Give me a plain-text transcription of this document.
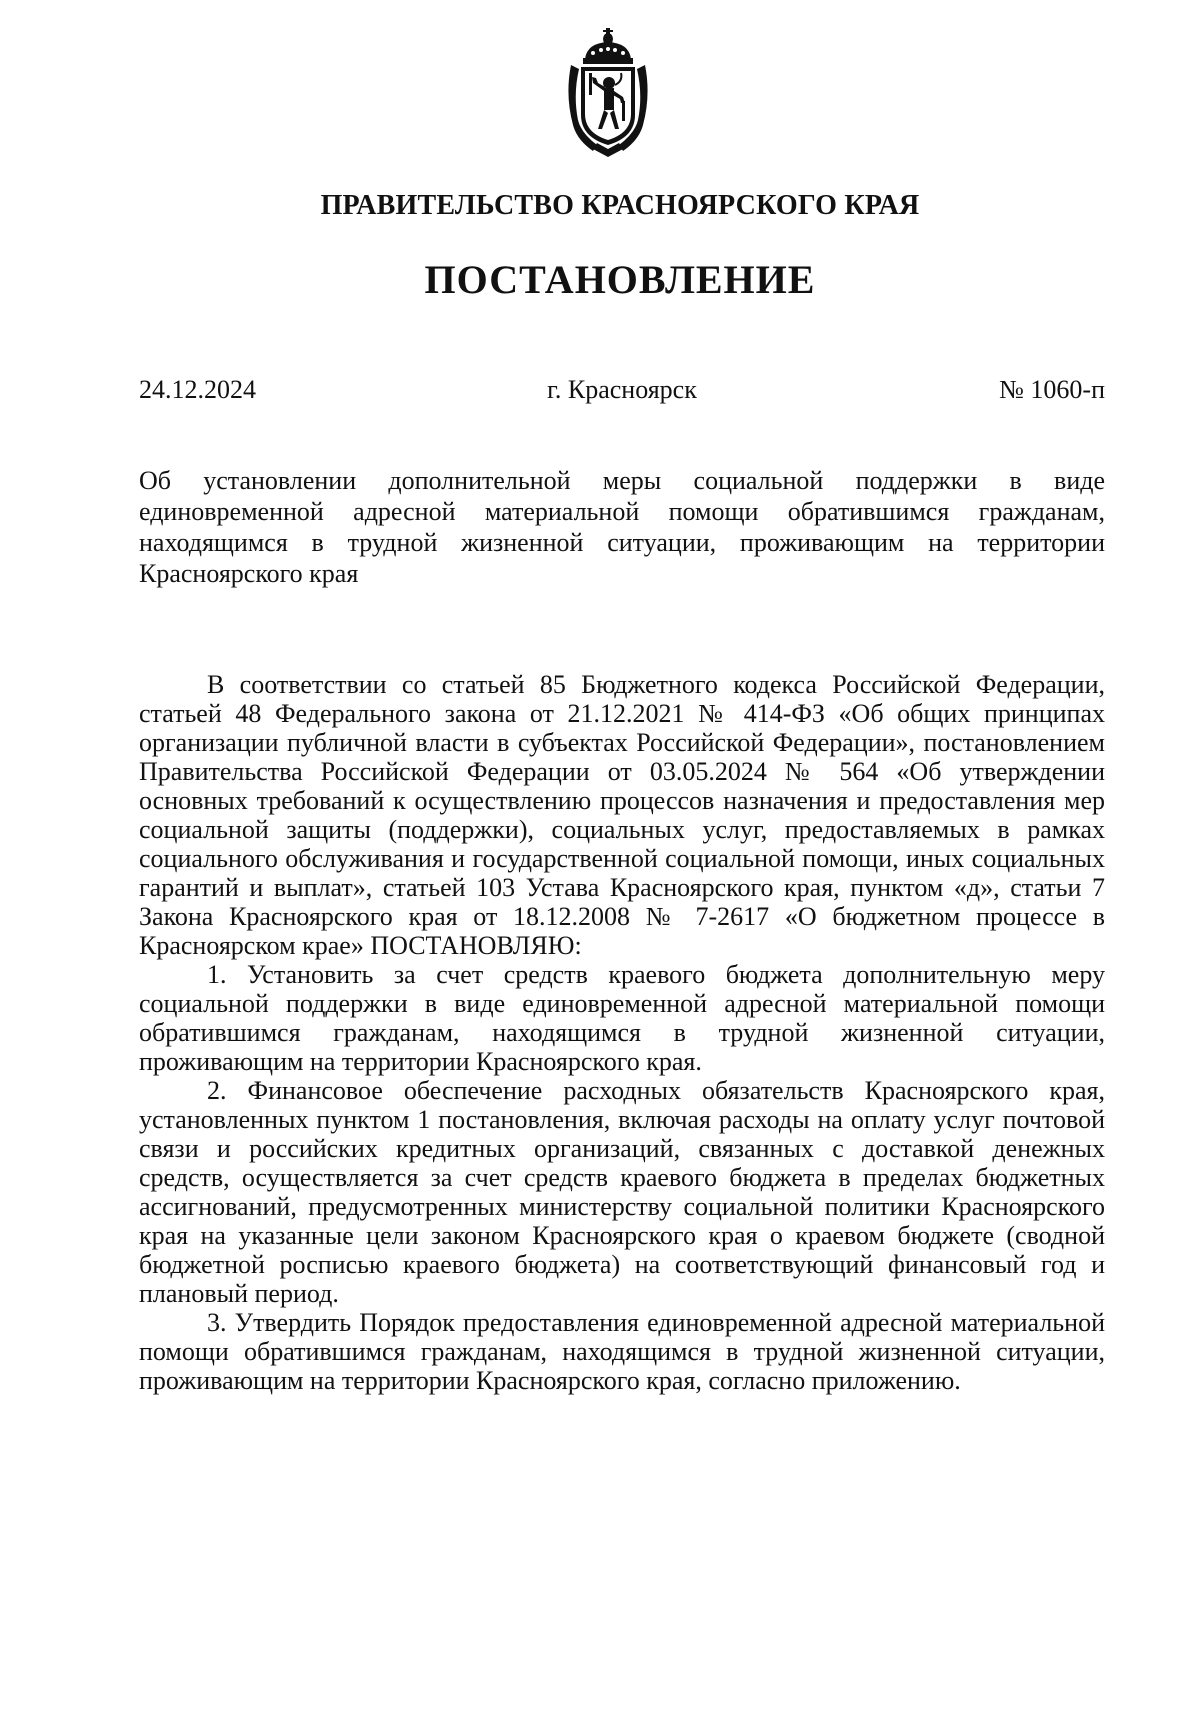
ПРАВИТЕЛЬСТВО КРАСНОЯРСКОГО КРАЯ
ПОСТАНОВЛЕНИЕ
24.12.2024	г. Красноярск	№ 1060-п
Об установлении дополнительной меры социальной поддержки в виде единовременной адресной материальной помощи обратившимся гражданам, находящимся в трудной жизненной ситуации, проживающим на территории Красноярского края

В соответствии со статьей 85 Бюджетного кодекса Российской Федерации, статьей 48 Федерального закона от 21.12.2021 № 414-ФЗ «Об общих принципах организации публичной власти в субъектах Российской Федерации», постановлением Правительства Российской Федерации от 03.05.2024 № 564 «Об утверждении основных требований к осуществлению процессов назначения и предоставления мер социальной защиты (поддержки), социальных услуг, предоставляемых в рамках социального обслуживания и государственной социальной помощи, иных социальных гарантий и выплат», статьей 103 Устава Красноярского края, пунктом «д», статьи 7 Закона Красноярского края от 18.12.2008 № 7-2617 «О бюджетном процессе в Красноярском крае» ПОСТАНОВЛЯЮ:

1. Установить за счет средств краевого бюджета дополнительную меру социальной поддержки в виде единовременной адресной материальной помощи обратившимся гражданам, находящимся в трудной жизненной ситуации, проживающим на территории Красноярского края.

2. Финансовое обеспечение расходных обязательств Красноярского края, установленных пунктом 1 постановления, включая расходы на оплату услуг почтовой связи и российских кредитных организаций, связанных с доставкой денежных средств, осуществляется за счет средств краевого бюджета в пределах бюджетных ассигнований, предусмотренных министерству социальной политики Красноярского края на указанные цели законом Красноярского края о краевом бюджете (сводной бюджетной росписью краевого бюджета) на соответствующий финансовый год и плановый период.

3. Утвердить Порядок предоставления единовременной адресной материальной помощи обратившимся гражданам, находящимся в трудной жизненной ситуации, проживающим на территории Красноярского края, согласно приложению.
